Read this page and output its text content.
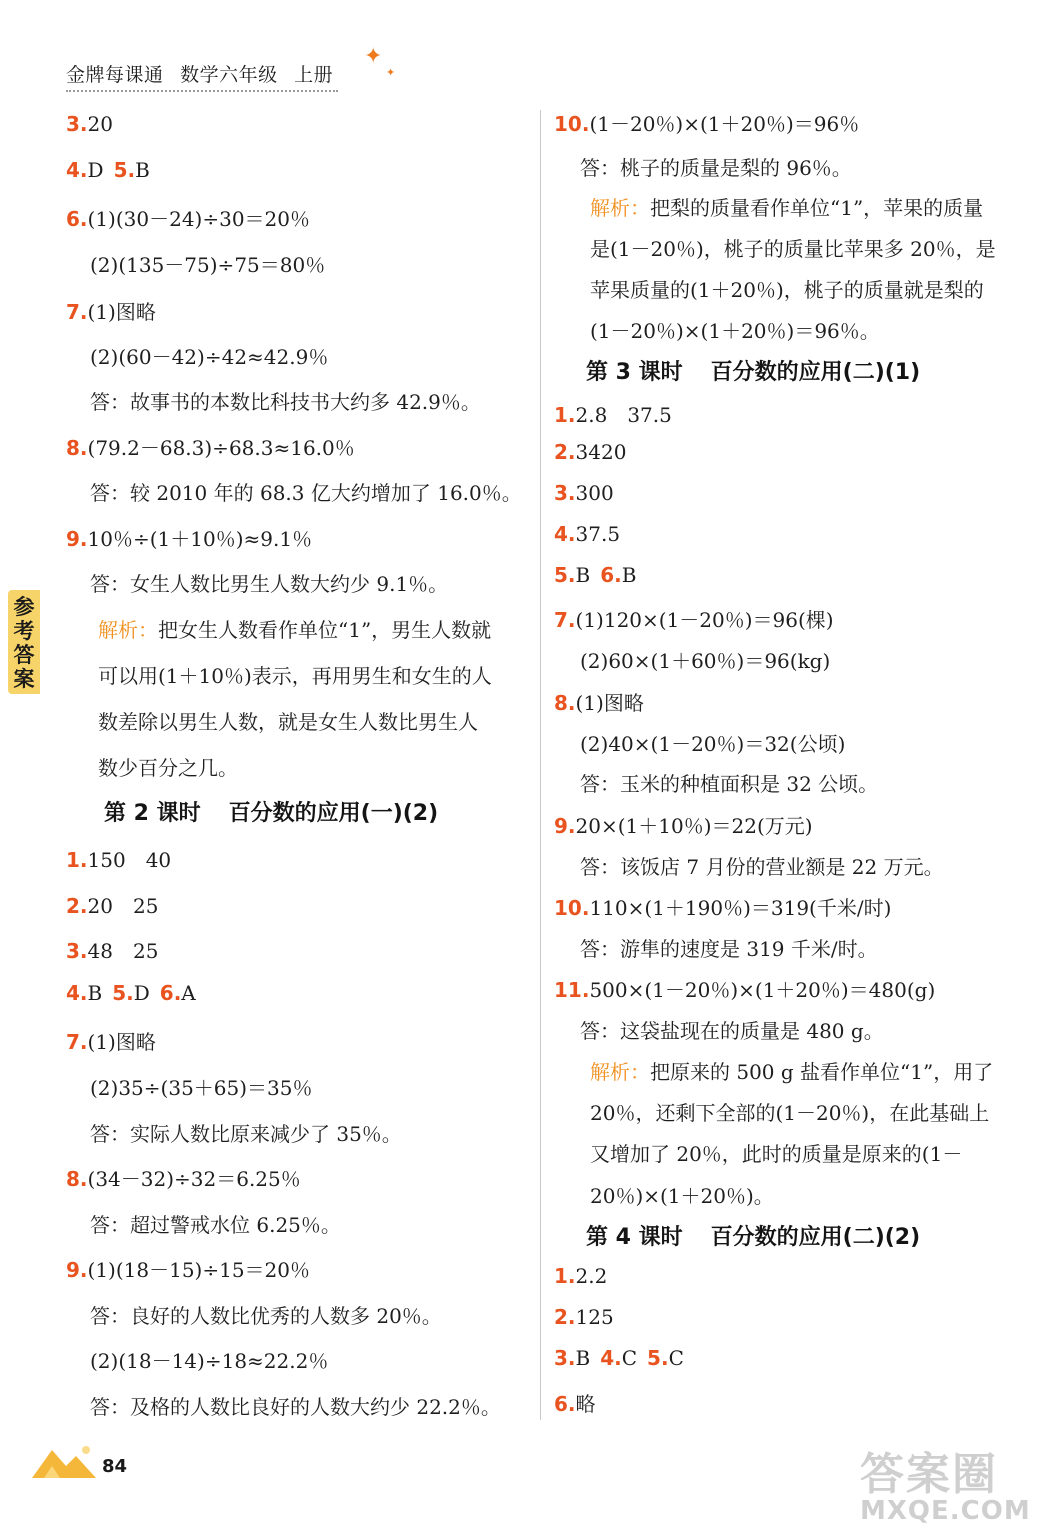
金牌每课通 数学六年级 上册
✦
✦
参考答案
3.20
4.D  5.B
6.(1)(30－24)÷30＝20％
(2)(135－75)÷75＝80％
7.(1)图略
(2)(60－42)÷42≈42.9％
答：故事书的本数比科技书大约多 42.9％。
8.(79.2－68.3)÷68.3≈16.0％
答：较 2010 年的 68.3 亿大约增加了 16.0％。
9.10％÷(1＋10％)≈9.1％
答：女生人数比男生人数大约少 9.1％。
解析：把女生人数看作单位“1”，男生人数就
可以用(1＋10％)表示，再用男生和女生的人
数差除以男生人数，就是女生人数比男生人
数少百分之几。
第 2 课时 百分数的应用(一)(2)
1.150　40
2.20　25
3.48　25
4.B  5.D  6.A
7.(1)图略
(2)35÷(35＋65)＝35％
答：实际人数比原来减少了 35％。
8.(34－32)÷32＝6.25％
答：超过警戒水位 6.25％。
9.(1)(18－15)÷15＝20％
答：良好的人数比优秀的人数多 20％。
(2)(18－14)÷18≈22.2％
答：及格的人数比良好的人数大约少 22.2％。
10.(1－20％)×(1＋20％)＝96％
答：桃子的质量是梨的 96％。
解析：把梨的质量看作单位“1”，苹果的质量
是(1－20％)，桃子的质量比苹果多 20％，是
苹果质量的(1＋20％)，桃子的质量就是梨的
(1－20％)×(1＋20％)＝96％。
第 3 课时 百分数的应用(二)(1)
1.2.8　37.5
2.3420
3.300
4.37.5
5.B  6.B
7.(1)120×(1－20％)＝96(棵)
(2)60×(1＋60％)＝96(kg)
8.(1)图略
(2)40×(1－20％)＝32(公顷)
答：玉米的种植面积是 32 公顷。
9.20×(1＋10％)＝22(万元)
答：该饭店 7 月份的营业额是 22 万元。
10.110×(1＋190％)＝319(千米/时)
答：游隼的速度是 319 千米/时。
11.500×(1－20％)×(1＋20％)＝480(g)
答：这袋盐现在的质量是 480 g。
解析：把原来的 500 g 盐看作单位“1”，用了
20％，还剩下全部的(1－20％)，在此基础上
又增加了 20％，此时的质量是原来的(1－
20％)×(1＋20％)。
第 4 课时 百分数的应用(二)(2)
1.2.2
2.125
3.B  4.C  5.C
6.略
84	答案圈
MXQE.COM
